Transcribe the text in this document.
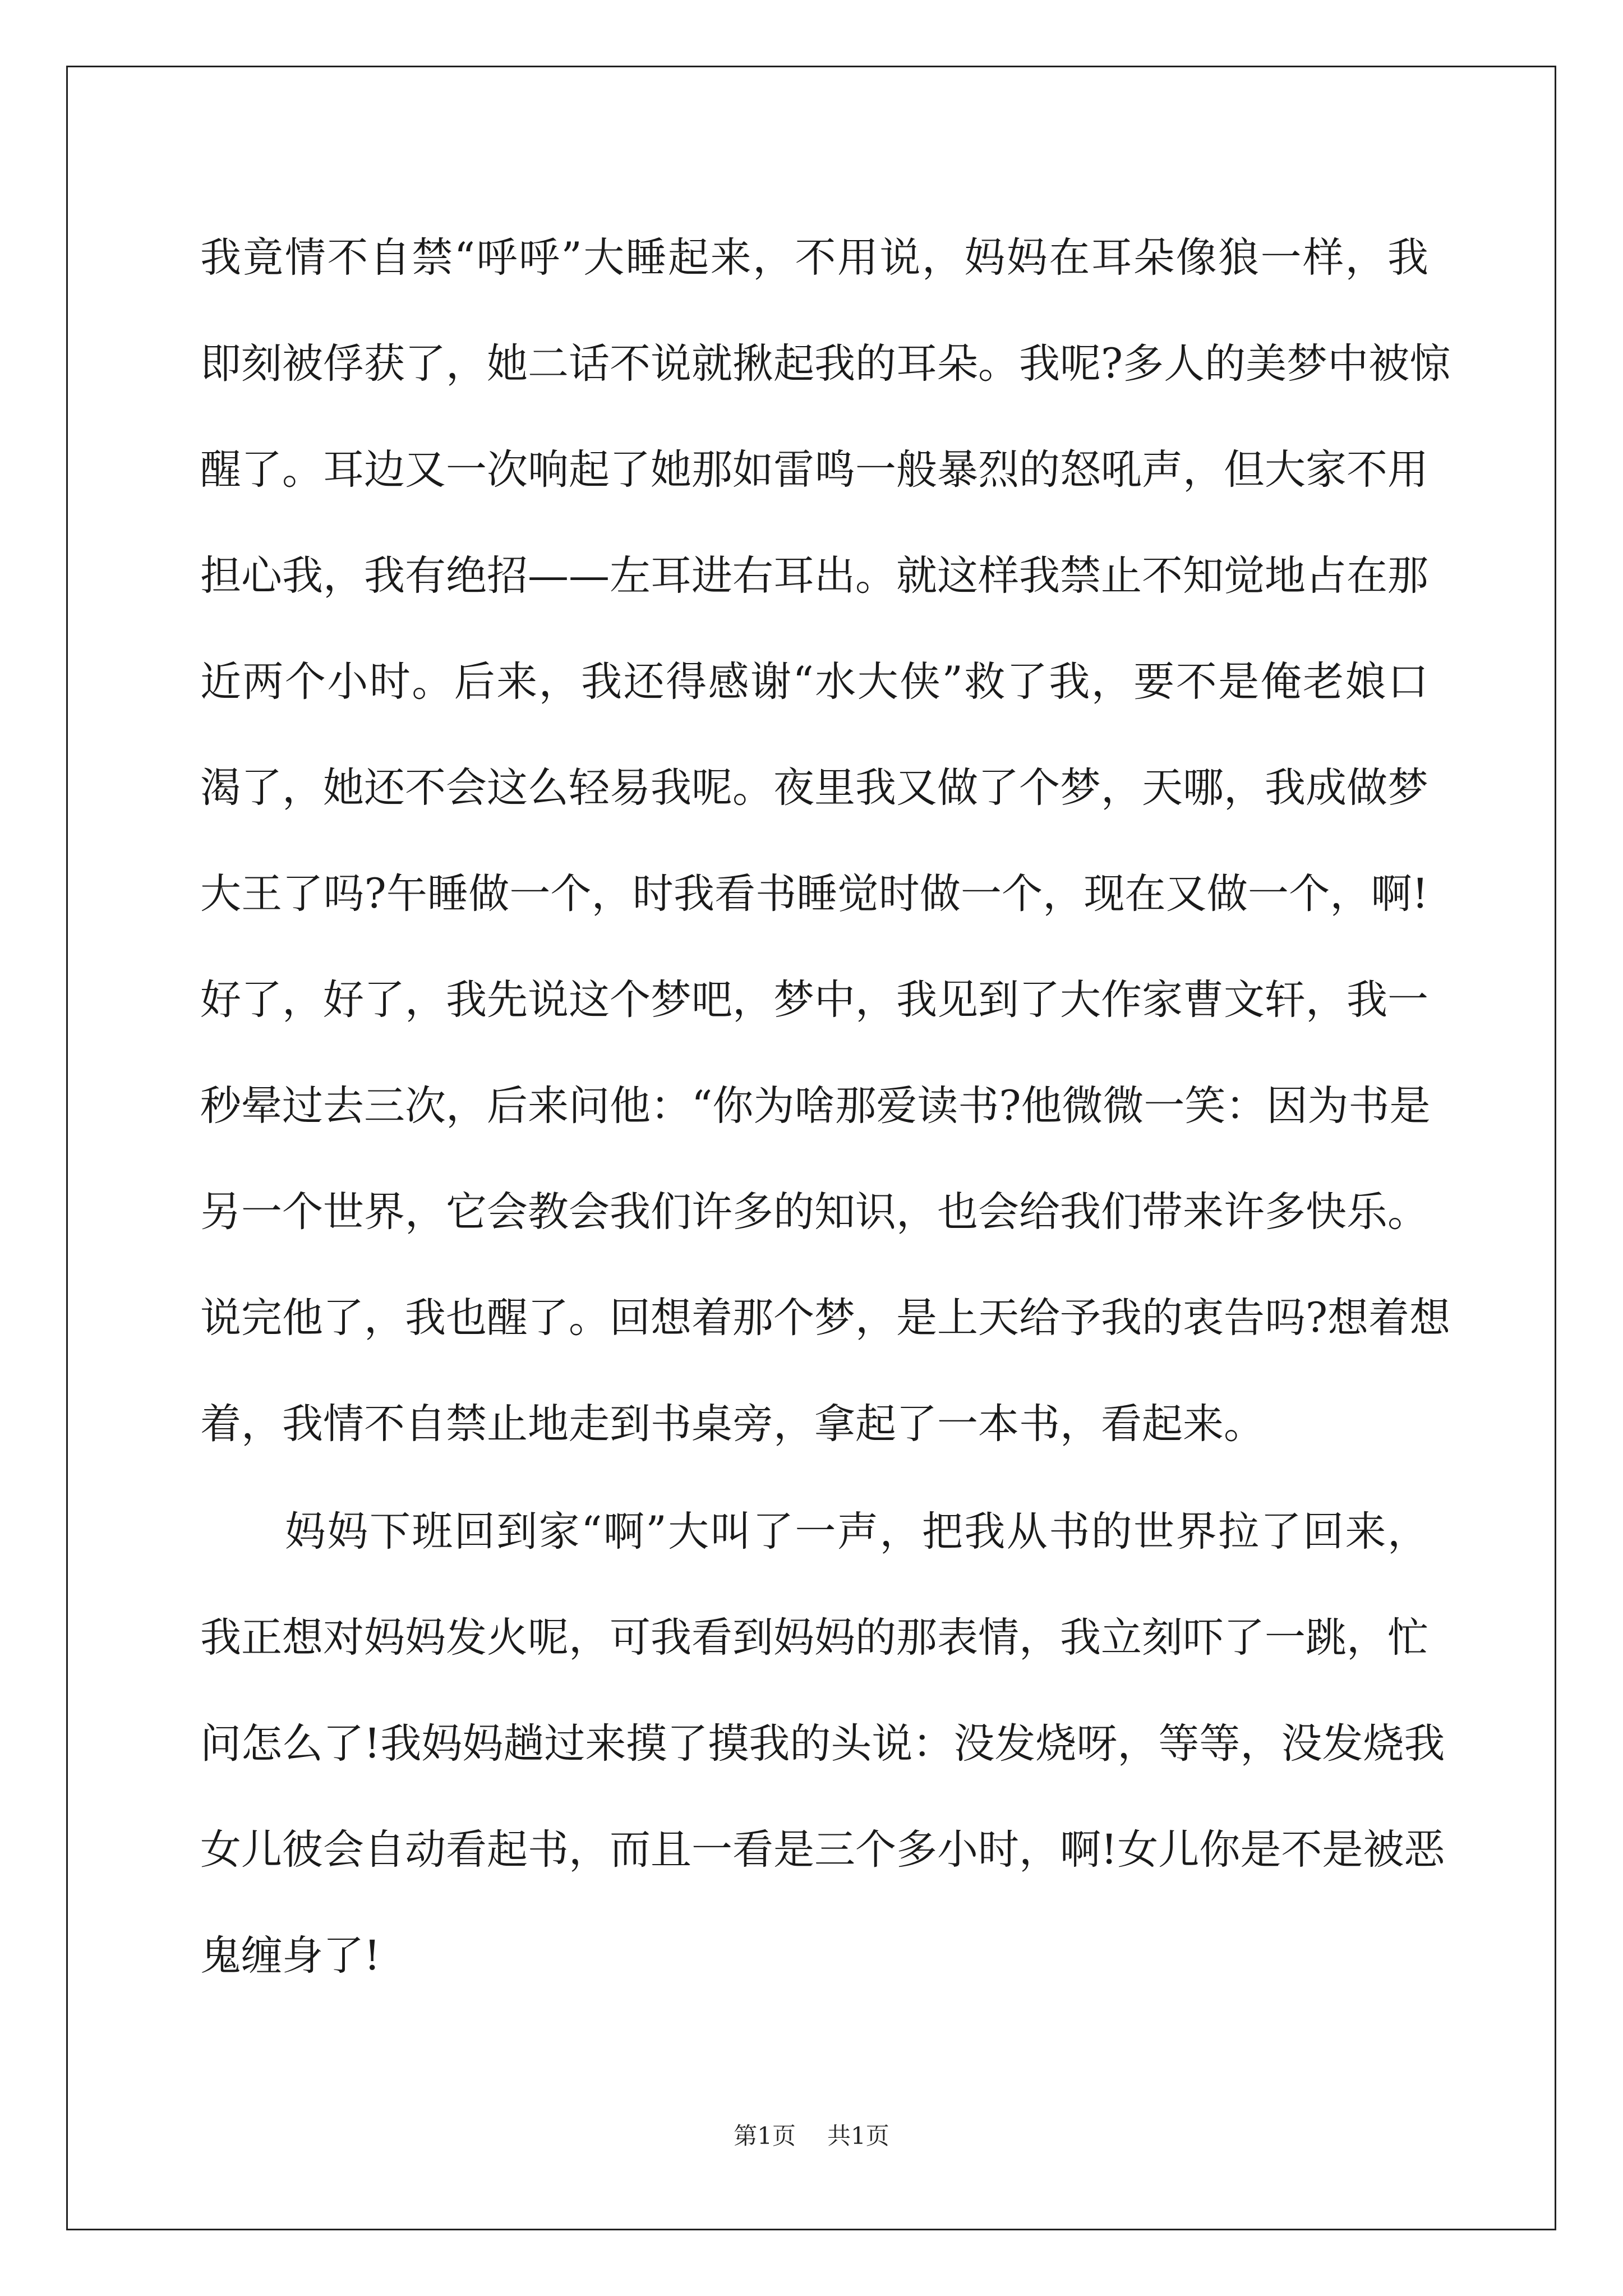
我竟情不自禁“呼呼”大睡起来，不用说，妈妈在耳朵像狼一样，我
即刻被俘获了，她二话不说就揪起我的耳朵。我呢?多人的美梦中被惊
醒了。耳边又一次响起了她那如雷鸣一般暴烈的怒吼声，但大家不用
担心我，我有绝招——左耳进右耳出。就这样我禁止不知觉地占在那
近两个小时。后来，我还得感谢“水大侠”救了我，要不是俺老娘口
渴了，她还不会这么轻易我呢。夜里我又做了个梦，天哪，我成做梦
大王了吗?午睡做一个，时我看书睡觉时做一个，现在又做一个，啊!
好了，好了，我先说这个梦吧，梦中，我见到了大作家曹文轩，我一
秒晕过去三次，后来问他：“你为啥那爱读书?他微微一笑：因为书是
另一个世界，它会教会我们许多的知识，也会给我们带来许多快乐。
说完他了，我也醒了。回想着那个梦，是上天给予我的衷告吗?想着想
着，我情不自禁止地走到书桌旁，拿起了一本书，看起来。
　　妈妈下班回到家“啊”大叫了一声，把我从书的世界拉了回来，
我正想对妈妈发火呢，可我看到妈妈的那表情，我立刻吓了一跳，忙
问怎么了!我妈妈趟过来摸了摸我的头说：没发烧呀，等等，没发烧我
女儿彼会自动看起书，而且一看是三个多小时，啊!女儿你是不是被恶
鬼缠身了!
第1页 共1页
